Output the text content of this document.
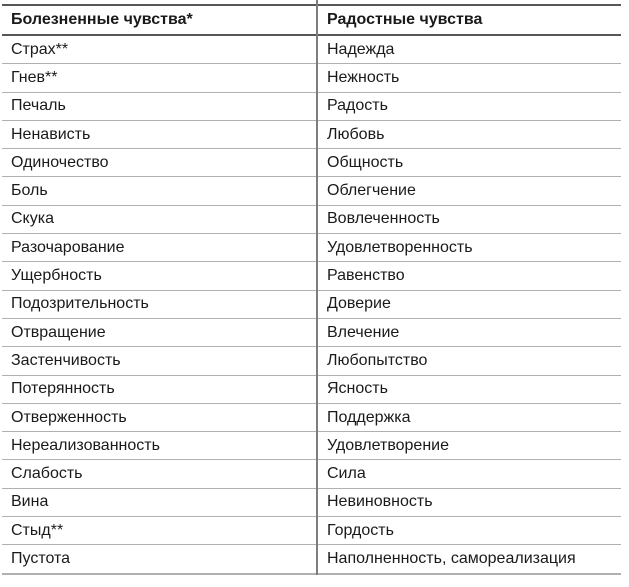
Болезненные чувства*	Радостные чувства
Страх**	Надежда
Гнев**	Нежность
Печаль	Радость
Ненависть	Любовь
Одиночество	Общность
Боль	Облегчение
Скука	Вовлеченность
Разочарование	Удовлетворенность
Ущербность	Равенство
Подозрительность	Доверие
Отвращение	Влечение
Застенчивость	Любопытство
Потерянность	Ясность
Отверженность	Поддержка
Нереализованность	Удовлетворение
Слабость	Сила
Вина	Невиновность
Стыд**	Гордость
Пустота	Наполненность, самореализация
